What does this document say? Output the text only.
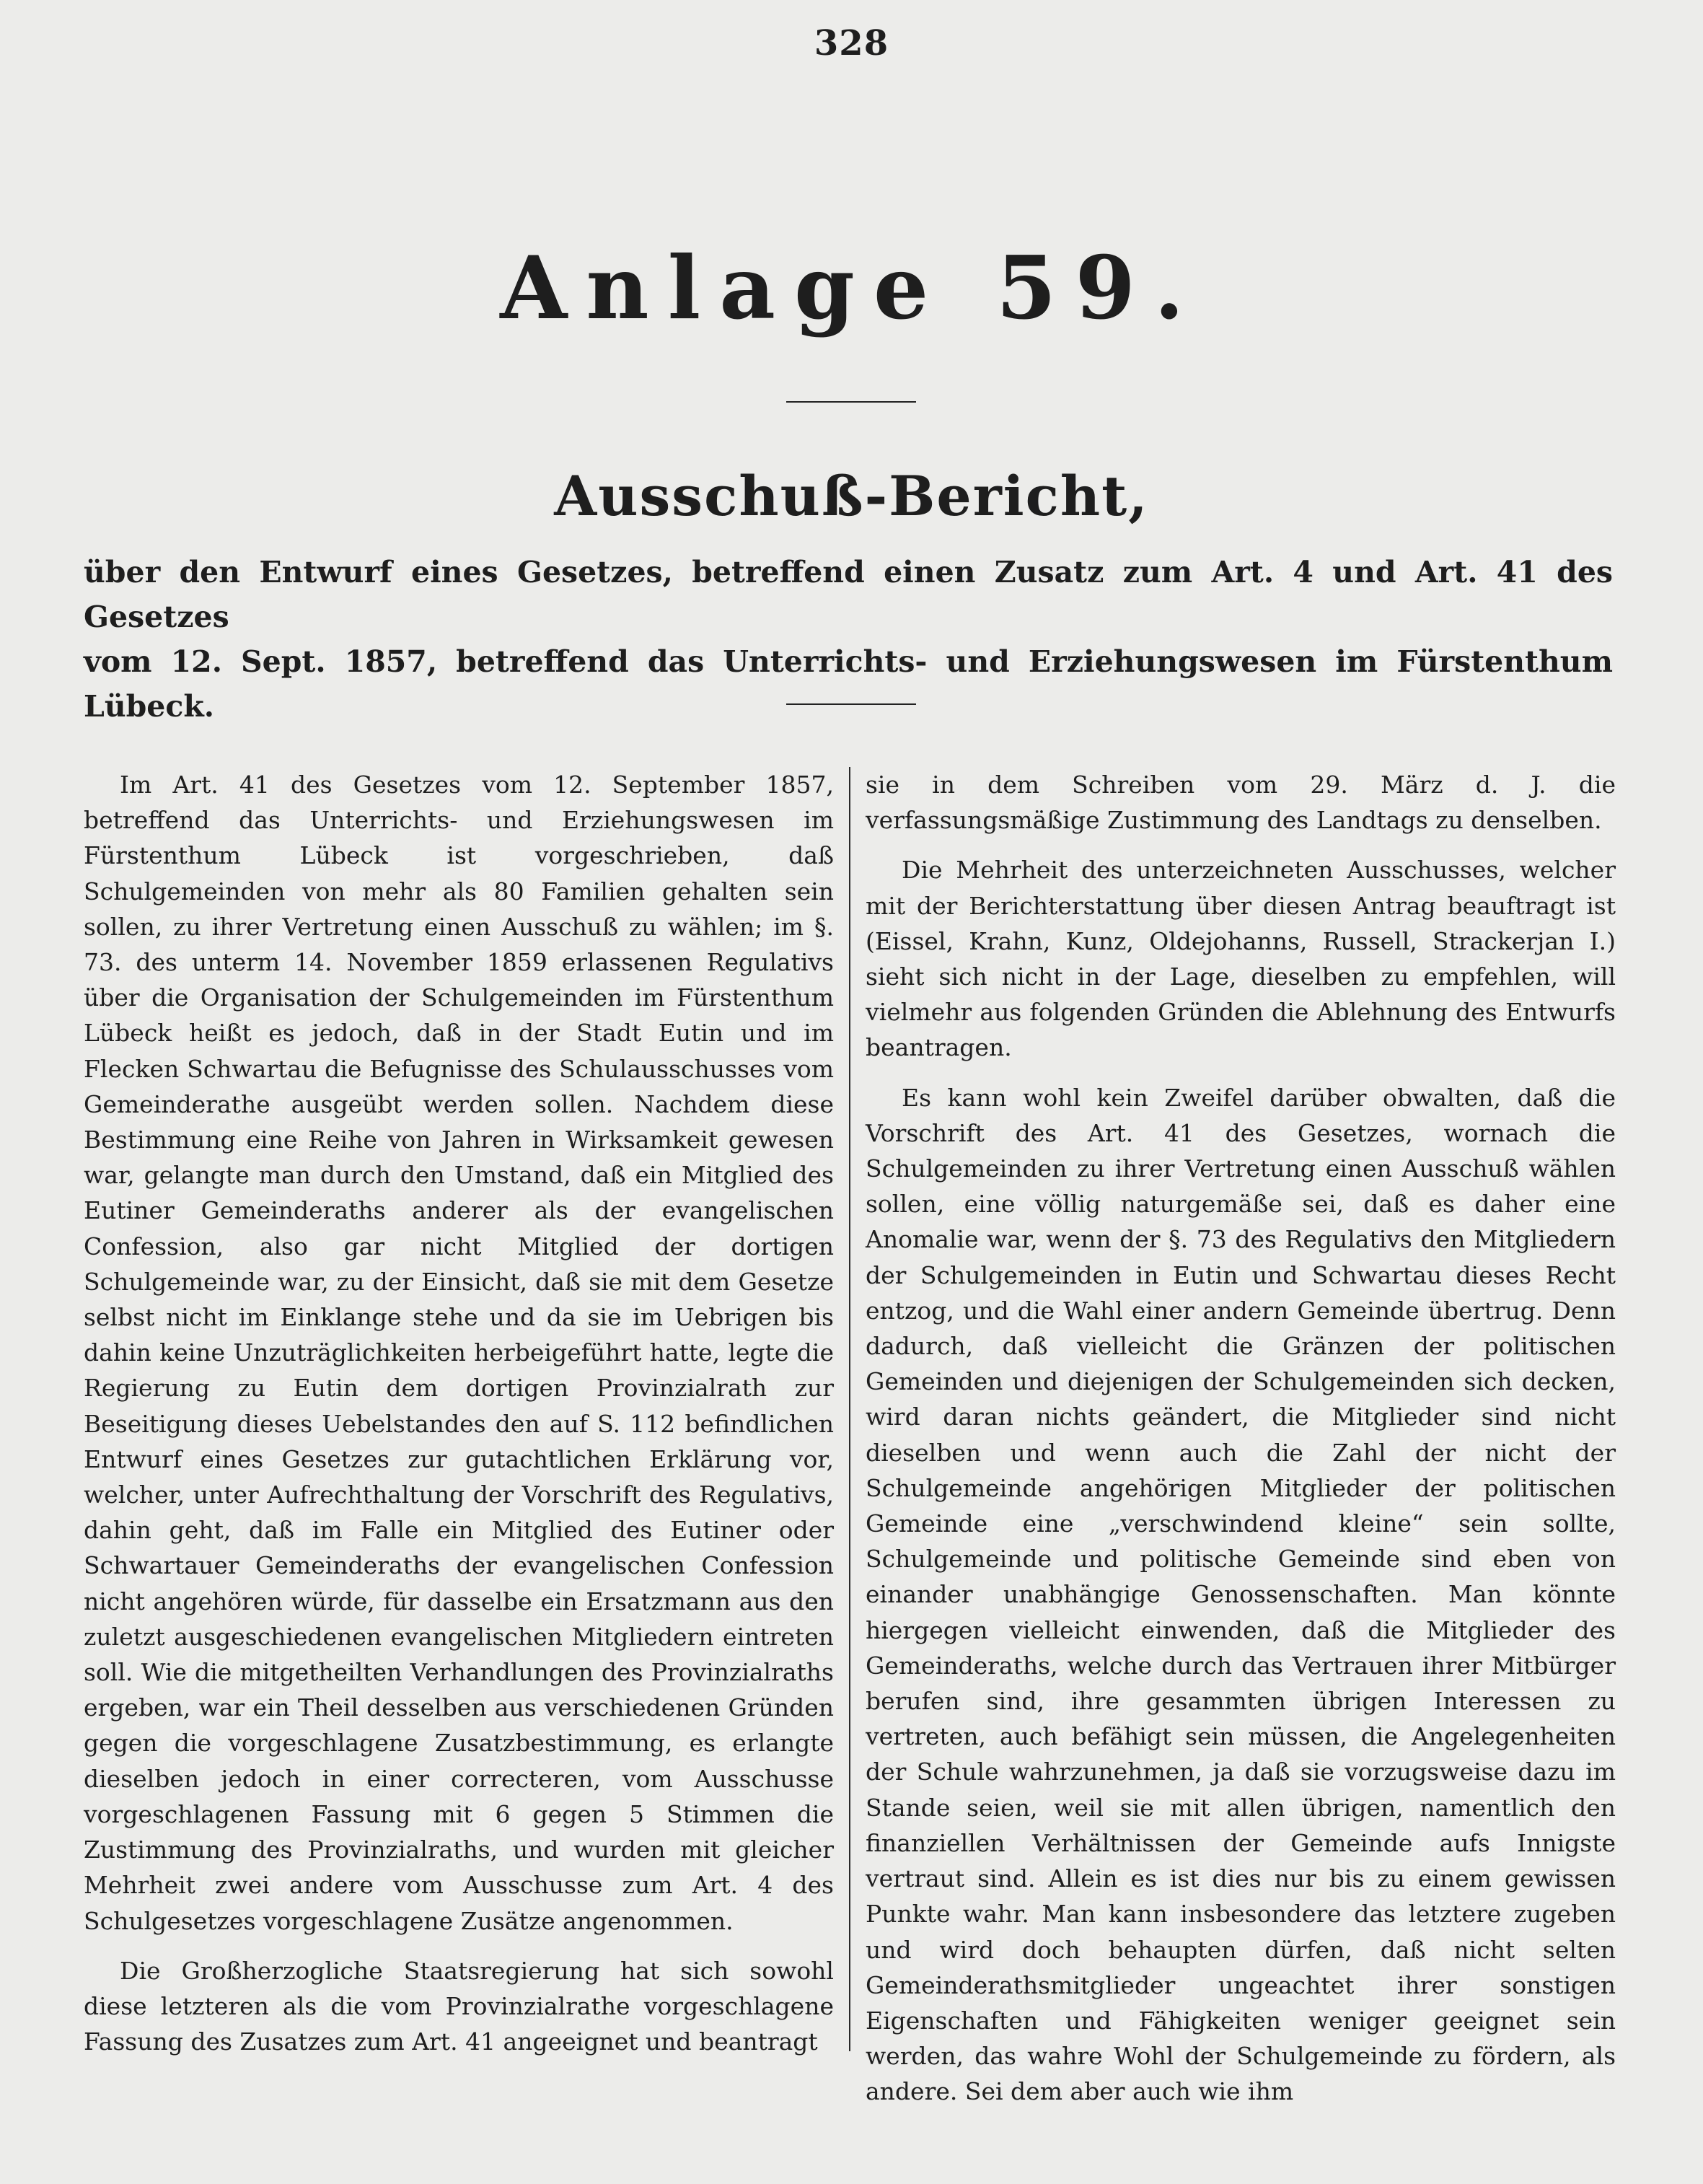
328
Anlage 59.
Ausschuß-Bericht,
über den Entwurf eines Gesetzes, betreffend einen Zusatz zum Art. 4 und Art. 41 des Gesetzes
vom 12. Sept. 1857, betreffend das Unterrichts- und Erziehungswesen im Fürstenthum Lübeck.

Im Art. 41 des Gesetzes vom 12. September 1857, betreffend das Unterrichts- und Erziehungswesen im Fürstenthum Lübeck ist vorgeschrieben, daß Schulgemeinden von mehr als 80 Familien gehalten sein sollen, zu ihrer Vertretung einen Ausschuß zu wählen; im §. 73. des unterm 14. November 1859 erlassenen Regulativs über die Organisation der Schulgemeinden im Fürstenthum Lübeck heißt es jedoch, daß in der Stadt Eutin und im Flecken Schwartau die Befugnisse des Schulausschusses vom Gemeinderathe ausgeübt werden sollen. Nachdem diese Bestimmung eine Reihe von Jahren in Wirksamkeit gewesen war, gelangte man durch den Umstand, daß ein Mitglied des Eutiner Gemeinderaths anderer als der evangelischen Confession, also gar nicht Mitglied der dortigen Schulgemeinde war, zu der Einsicht, daß sie mit dem Gesetze selbst nicht im Einklange stehe und da sie im Uebrigen bis dahin keine Unzuträglichkeiten herbeigeführt hatte, legte die Regierung zu Eutin dem dortigen Provinzialrath zur Beseitigung dieses Uebelstandes den auf S. 112 befindlichen Entwurf eines Gesetzes zur gutachtlichen Erklärung vor, welcher, unter Aufrechthaltung der Vorschrift des Regulativs, dahin geht, daß im Falle ein Mitglied des Eutiner oder Schwartauer Gemeinderaths der evangelischen Confession nicht angehören würde, für dasselbe ein Ersatzmann aus den zuletzt ausgeschiedenen evangelischen Mitgliedern eintreten soll. Wie die mitgetheilten Verhandlungen des Provinzialraths ergeben, war ein Theil desselben aus verschiedenen Gründen gegen die vorgeschlagene Zusatzbestimmung, es erlangte dieselben jedoch in einer correcteren, vom Ausschusse vorgeschlagenen Fassung mit 6 gegen 5 Stimmen die Zustimmung des Provinzialraths, und wurden mit gleicher Mehrheit zwei andere vom Ausschusse zum Art. 4 des Schulgesetzes vorgeschlagene Zusätze angenommen.

Die Großherzogliche Staatsregierung hat sich sowohl diese letzteren als die vom Provinzialrathe vorgeschlagene Fassung des Zusatzes zum Art. 41 angeeignet und beantragt

sie in dem Schreiben vom 29. März d. J. die verfassungsmäßige Zustimmung des Landtags zu denselben.

Die Mehrheit des unterzeichneten Ausschusses, welcher mit der Berichterstattung über diesen Antrag beauftragt ist (Eissel, Krahn, Kunz, Oldejohanns, Russell, Strackerjan I.) sieht sich nicht in der Lage, dieselben zu empfehlen, will vielmehr aus folgenden Gründen die Ablehnung des Entwurfs beantragen.

Es kann wohl kein Zweifel darüber obwalten, daß die Vorschrift des Art. 41 des Gesetzes, wornach die Schulgemeinden zu ihrer Vertretung einen Ausschuß wählen sollen, eine völlig naturgemäße sei, daß es daher eine Anomalie war, wenn der §. 73 des Regulativs den Mitgliedern der Schulgemeinden in Eutin und Schwartau dieses Recht entzog, und die Wahl einer andern Gemeinde übertrug. Denn dadurch, daß vielleicht die Gränzen der politischen Gemeinden und diejenigen der Schulgemeinden sich decken, wird daran nichts geändert, die Mitglieder sind nicht dieselben und wenn auch die Zahl der nicht der Schulgemeinde angehörigen Mitglieder der politischen Gemeinde eine „verschwindend kleine“ sein sollte, Schulgemeinde und politische Gemeinde sind eben von einander unabhängige Genossenschaften. Man könnte hiergegen vielleicht einwenden, daß die Mitglieder des Gemeinderaths, welche durch das Vertrauen ihrer Mitbürger berufen sind, ihre gesammten übrigen Interessen zu vertreten, auch befähigt sein müssen, die Angelegenheiten der Schule wahrzunehmen, ja daß sie vorzugsweise dazu im Stande seien, weil sie mit allen übrigen, namentlich den finanziellen Verhältnissen der Gemeinde aufs Innigste vertraut sind. Allein es ist dies nur bis zu einem gewissen Punkte wahr. Man kann insbesondere das letztere zugeben und wird doch behaupten dürfen, daß nicht selten Gemeinderathsmitglieder ungeachtet ihrer sonstigen Eigenschaften und Fähigkeiten weniger geeignet sein werden, das wahre Wohl der Schulgemeinde zu fördern, als andere. Sei dem aber auch wie ihm
